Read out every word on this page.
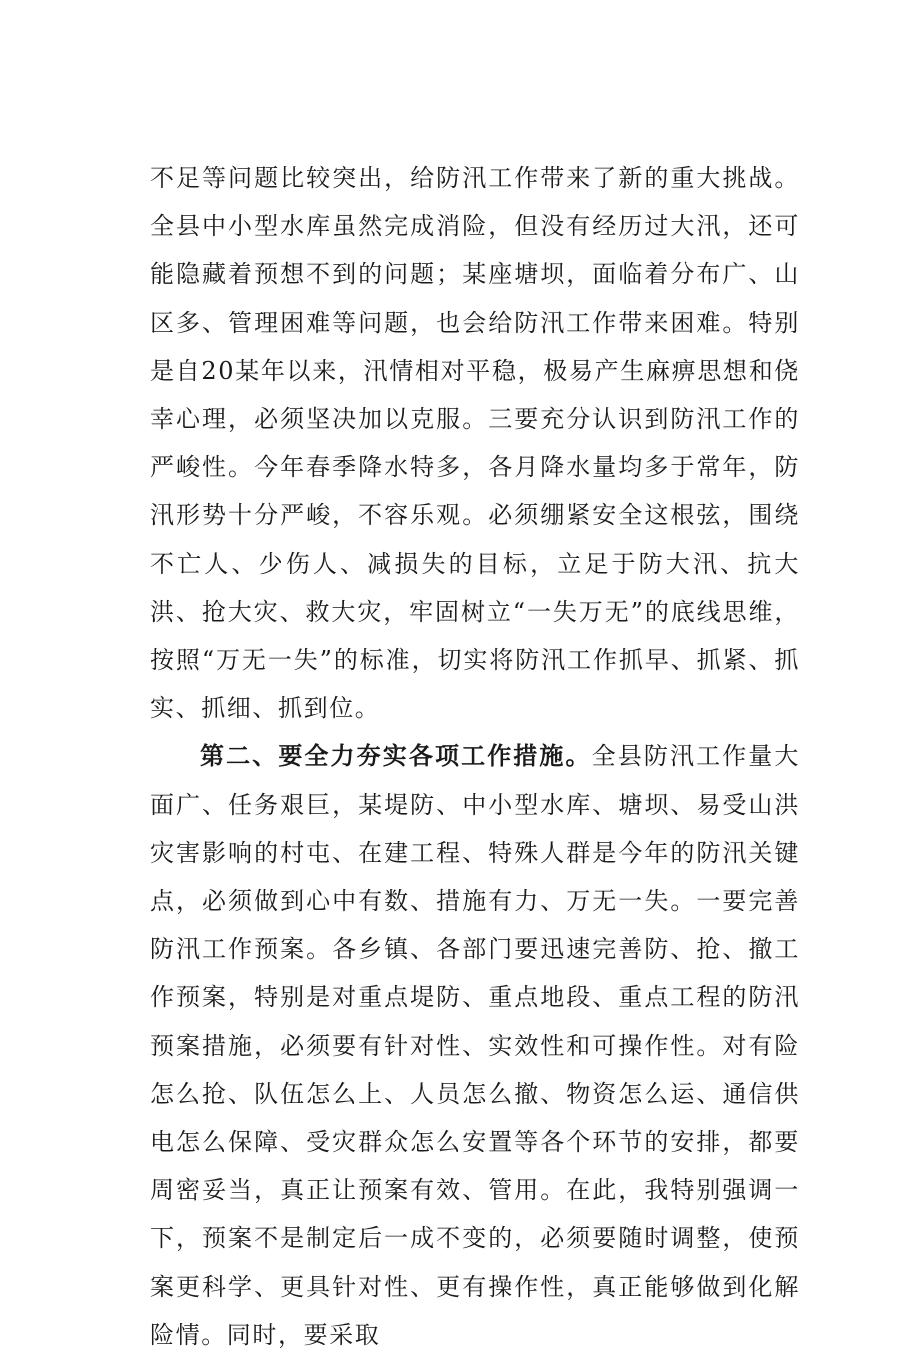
不足等问题比较突出，给防汛工作带来了新的重大挑战。全县中小型水库虽然完成消险，但没有经历过大汛，还可能隐藏着预想不到的问题；某座塘坝，面临着分布广、山区多、管理困难等问题，也会给防汛工作带来困难。特别是自20某年以来，汛情相对平稳，极易产生麻痹思想和侥幸心理，必须坚决加以克服。三要充分认识到防汛工作的严峻性。今年春季降水特多，各月降水量均多于常年，防汛形势十分严峻，不容乐观。必须绷紧安全这根弦，围绕不亡人、少伤人、减损失的目标，立足于防大汛、抗大洪、抢大灾、救大灾，牢固树立“一失万无”的底线思维，按照“万无一失”的标准，切实将防汛工作抓早、抓紧、抓实、抓细、抓到位。

第二、要全力夯实各项工作措施。全县防汛工作量大面广、任务艰巨，某堤防、中小型水库、塘坝、易受山洪灾害影响的村屯、在建工程、特殊人群是今年的防汛关键点，必须做到心中有数、措施有力、万无一失。一要完善防汛工作预案。各乡镇、各部门要迅速完善防、抢、撤工作预案，特别是对重点堤防、重点地段、重点工程的防汛预案措施，必须要有针对性、实效性和可操作性。对有险怎么抢、队伍怎么上、人员怎么撤、物资怎么运、通信供电怎么保障、受灾群众怎么安置等各个环节的安排，都要周密妥当，真正让预案有效、管用。在此，我特别强调一下，预案不是制定后一成不变的，必须要随时调整，使预案更科学、更具针对性、更有操作性，真正能够做到化解险情。同时，要采取
